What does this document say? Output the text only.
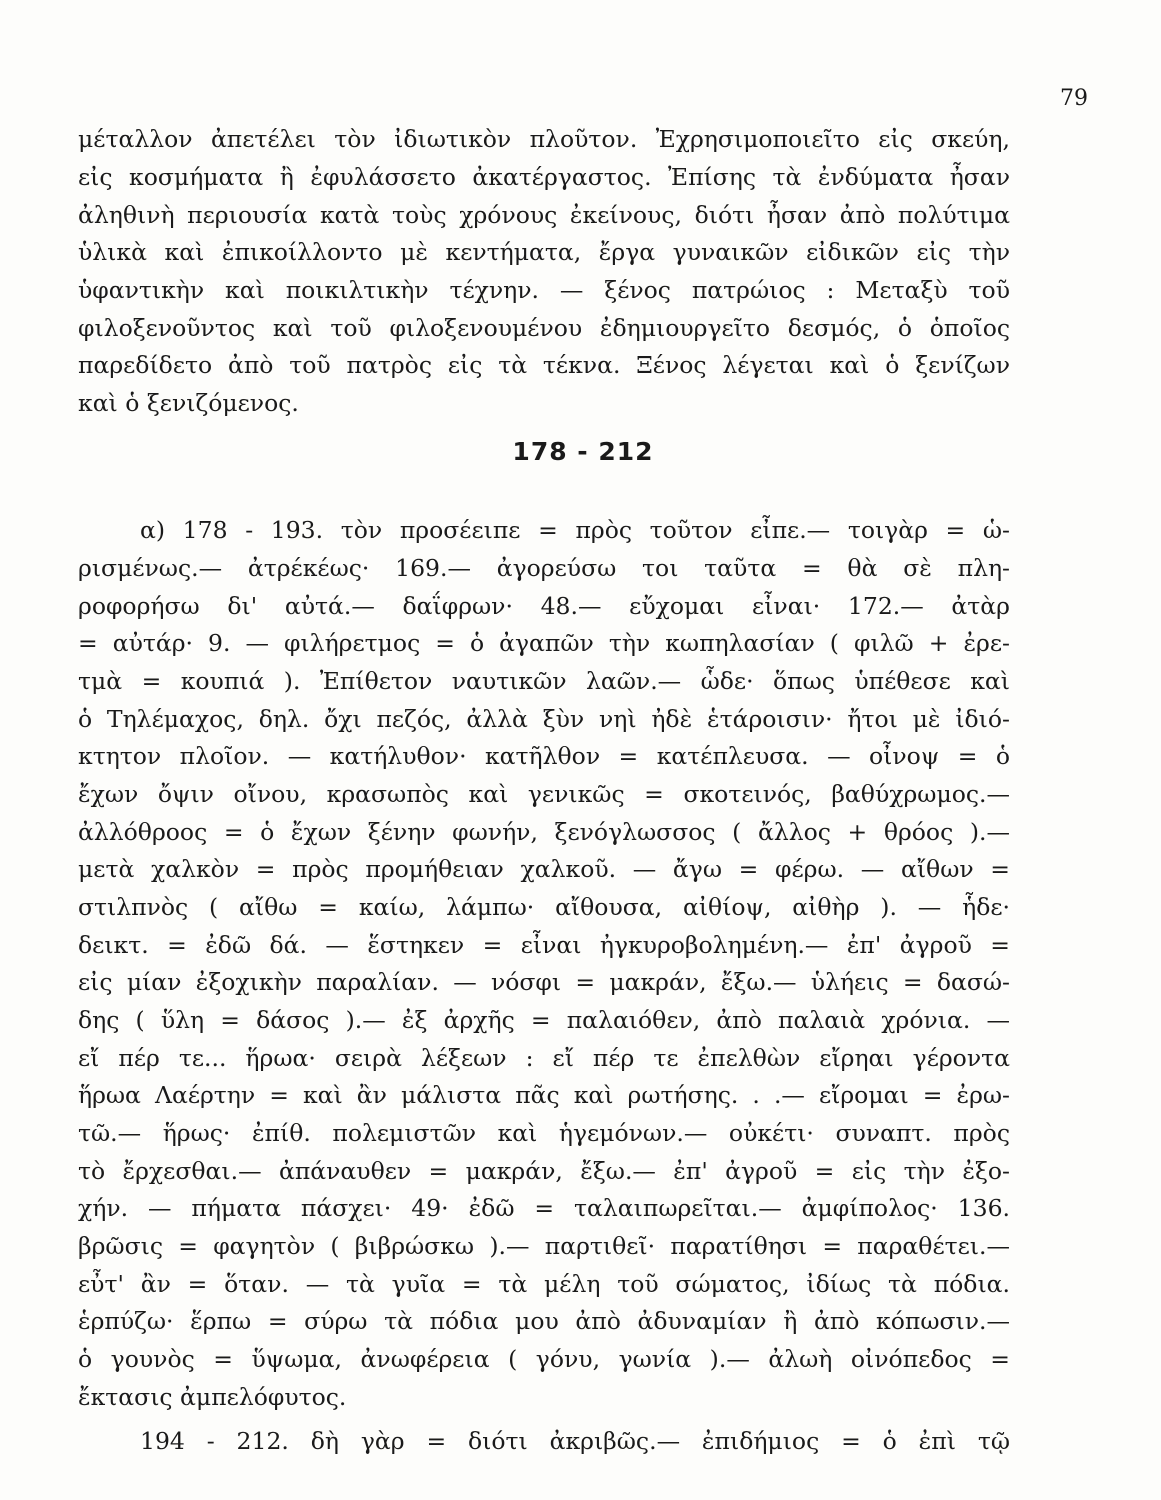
79
μέταλλον ἀπετέλει τὸν ἰδιωτικὸν πλοῦτον. Ἐχρησιμοποιεῖτο εἰς σκεύη,
εἰς κοσμήματα ἢ ἐφυλάσσετο ἀκατέργαστος. Ἐπίσης τὰ ἐνδύματα ἦσαν
ἀληθινὴ περιουσία κατὰ τοὺς χρόνους ἐκείνους, διότι ἦσαν ἀπὸ πολύτιμα
ὑλικὰ καὶ ἐπικοίλλοντο μὲ κεντήματα, ἔργα γυναικῶν εἰδικῶν εἰς τὴν
ὑφαντικὴν καὶ ποικιλτικὴν τέχνην. — ξένος πατρώιος : Μεταξὺ τοῦ
φιλοξενοῦντος καὶ τοῦ φιλοξενουμένου ἐδημιουργεῖτο δεσμός, ὁ ὁποῖος
παρεδίδετο ἀπὸ τοῦ πατρὸς εἰς τὰ τέκνα. Ξένος λέγεται καὶ ὁ ξενίζων
καὶ ὁ ξενιζόμενος.
178 - 212
α) 178 - 193. τὸν προσέειπε = πρὸς τοῦτον εἶπε.— τοιγὰρ = ὡ-
ρισμένως.— ἀτρέκέως· 169.— ἀγορεύσω τοι ταῦτα = θὰ σὲ πλη-
ροφορήσω δι' αὐτά.— δαΐφρων· 48.— εὔχομαι εἶναι· 172.— ἀτὰρ
= αὐτάρ· 9. — φιλήρετμος = ὁ ἀγαπῶν τὴν κωπηλασίαν ( φιλῶ + ἐρε-
τμὰ = κουπιά ). Ἐπίθετον ναυτικῶν λαῶν.— ὧδε· ὅπως ὑπέθεσε καὶ
ὁ Τηλέμαχος, δηλ. ὄχι πεζός, ἀλλὰ ξὺν νηὶ ἠδὲ ἑτάροισιν· ἤτοι μὲ ἰδιό-
κτητον πλοῖον. — κατήλυθον· κατῆλθον = κατέπλευσα. — οἶνοψ = ὁ
ἔχων ὄψιν οἴνου, κρασωπὸς καὶ γενικῶς = σκοτεινός, βαθύχρωμος.—
ἀλλόθροος = ὁ ἔχων ξένην φωνήν, ξενόγλωσσος ( ἄλλος + θρόος ).—
μετὰ χαλκὸν = πρὸς προμήθειαν χαλκοῦ. — ἄγω = φέρω. — αἴθων =
στιλπνὸς ( αἴθω = καίω, λάμπω· αἴθουσα, αἰθίοψ, αἰθὴρ ). — ἧδε·
δεικτ. = ἐδῶ δά. — ἕστηκεν = εἶναι ἠγκυροβολημένη.— ἐπ' ἀγροῦ =
εἰς μίαν ἐξοχικὴν παραλίαν. — νόσφι = μακράν, ἔξω.— ὑλήεις = δασώ-
δης ( ὕλη = δάσος ).— ἐξ ἀρχῆς = παλαιόθεν, ἀπὸ παλαιὰ χρόνια. —
εἴ πέρ τε... ἥρωα· σειρὰ λέξεων : εἴ πέρ τε ἐπελθὼν εἴρηαι γέροντα
ἥρωα Λαέρτην = καὶ ἂν μάλιστα πᾶς καὶ ρωτήσης. . .— εἴρομαι = ἐρω-
τῶ.— ἥρως· ἐπίθ. πολεμιστῶν καὶ ἡγεμόνων.— οὐκέτι· συναπτ. πρὸς
τὸ ἔρχεσθαι.— ἀπάναυθεν = μακράν, ἔξω.— ἐπ' ἀγροῦ = εἰς τὴν ἐξο-
χήν. — πήματα πάσχει· 49· ἐδῶ = ταλαιπωρεῖται.— ἀμφίπολος· 136.
βρῶσις = φαγητὸν ( βιβρώσκω ).— παρτιθεῖ· παρατίθησι = παραθέτει.—
εὖτ' ἂν = ὅταν. — τὰ γυῖα = τὰ μέλη τοῦ σώματος, ἰδίως τὰ πόδια.
ἑρπύζω· ἕρπω = σύρω τὰ πόδια μου ἀπὸ ἀδυναμίαν ἢ ἀπὸ κόπωσιν.—
ὁ γουνὸς = ὕψωμα, ἀνωφέρεια ( γόνυ, γωνία ).— ἀλωὴ οἰνόπεδος =
ἔκτασις ἀμπελόφυτος.
194 - 212. δὴ γὰρ = διότι ἀκριβῶς.— ἐπιδήμιος = ὁ ἐπὶ τῷ
